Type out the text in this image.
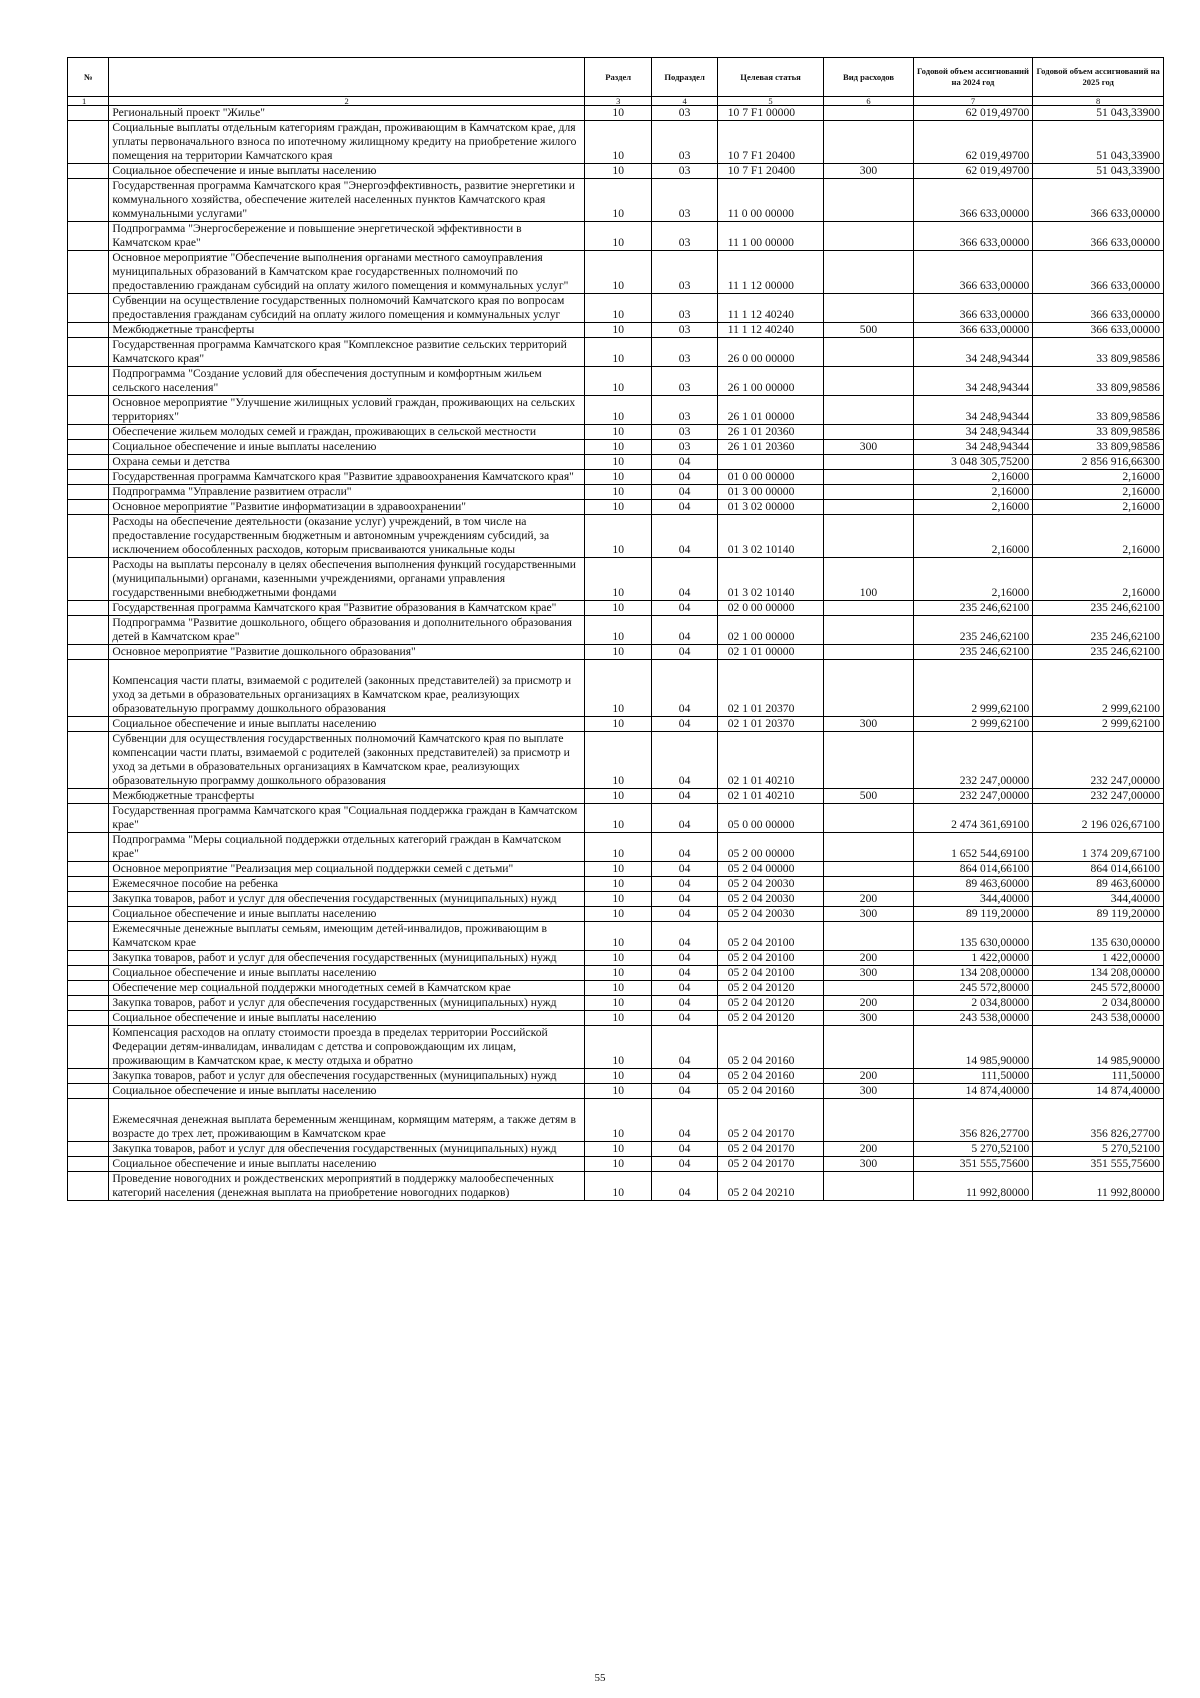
№		Раздел	Подраздел	Целевая статья	Вид расходов	Годовой объем ассигнований на 2024 год	Годовой объем ассигнований на 2025 год
1	2	3	4	5	6	7	8
	Региональный проект "Жилье"	10	03	10 7 F1 00000		62 019,49700	51 043,33900
	Социальные выплаты отдельным категориям граждан, проживающим в Камчатском крае, для уплаты первоначального взноса по ипотечному жилищному кредиту на приобретение жилого помещения на территории Камчатского края	10	03	10 7 F1 20400		62 019,49700	51 043,33900
	Социальное обеспечение и иные выплаты населению	10	03	10 7 F1 20400	300	62 019,49700	51 043,33900
	Государственная программа Камчатского края "Энергоэффективность, развитие энергетики и коммунального хозяйства, обеспечение жителей населенных пунктов Камчатского края коммунальными услугами"	10	03	11 0 00 00000		366 633,00000	366 633,00000
	Подпрограмма "Энергосбережение и повышение энергетической эффективности в Камчатском крае"	10	03	11 1 00 00000		366 633,00000	366 633,00000
	Основное мероприятие "Обеспечение выполнения органами местного самоуправления муниципальных образований в Камчатском крае государственных полномочий по предоставлению гражданам субсидий на оплату жилого помещения и коммунальных услуг"	10	03	11 1 12 00000		366 633,00000	366 633,00000
	Субвенции на осуществление государственных полномочий Камчатского края по вопросам предоставления гражданам субсидий на оплату жилого помещения и коммунальных услуг	10	03	11 1 12 40240		366 633,00000	366 633,00000
	Межбюджетные трансферты	10	03	11 1 12 40240	500	366 633,00000	366 633,00000
	Государственная программа Камчатского края "Комплексное развитие сельских территорий Камчатского края"	10	03	26 0 00 00000		34 248,94344	33 809,98586
	Подпрограмма "Создание условий для обеспечения доступным и комфортным жильем сельского населения"	10	03	26 1 00 00000		34 248,94344	33 809,98586
	Основное мероприятие "Улучшение жилищных условий граждан, проживающих на сельских территориях"	10	03	26 1 01 00000		34 248,94344	33 809,98586
	Обеспечение жильем молодых семей и граждан, проживающих в сельской местности	10	03	26 1 01 20360		34 248,94344	33 809,98586
	Социальное обеспечение и иные выплаты населению	10	03	26 1 01 20360	300	34 248,94344	33 809,98586
	Охрана семьи и детства	10	04			3 048 305,75200	2 856 916,66300
	Государственная программа Камчатского края "Развитие здравоохранения Камчатского края"	10	04	01 0 00 00000		2,16000	2,16000
	Подпрограмма "Управление развитием отрасли"	10	04	01 3 00 00000		2,16000	2,16000
	Основное мероприятие "Развитие информатизации в здравоохранении"	10	04	01 3 02 00000		2,16000	2,16000
	Расходы на обеспечение деятельности (оказание услуг) учреждений, в том числе на предоставление государственным бюджетным и автономным учреждениям субсидий, за исключением обособленных расходов, которым присваиваются уникальные коды	10	04	01 3 02 10140		2,16000	2,16000
	Расходы на выплаты персоналу в целях обеспечения выполнения функций государственными (муниципальными) органами, казенными учреждениями, органами управления государственными внебюджетными фондами	10	04	01 3 02 10140	100	2,16000	2,16000
	Государственная программа Камчатского края "Развитие образования в Камчатском крае"	10	04	02 0 00 00000		235 246,62100	235 246,62100
	Подпрограмма "Развитие дошкольного, общего образования и дополнительного образования детей в Камчатском крае"	10	04	02 1 00 00000		235 246,62100	235 246,62100
	Основное мероприятие "Развитие дошкольного образования"	10	04	02 1 01 00000		235 246,62100	235 246,62100
	Компенсация части платы, взимаемой с родителей (законных представителей) за присмотр и уход за детьми в образовательных организациях в Камчатском крае, реализующих образовательную программу дошкольного образования	10	04	02 1 01 20370		2 999,62100	2 999,62100
	Социальное обеспечение и иные выплаты населению	10	04	02 1 01 20370	300	2 999,62100	2 999,62100
	Субвенции для осуществления государственных полномочий Камчатского края по выплате компенсации части платы, взимаемой с родителей (законных представителей) за присмотр и уход за детьми в образовательных организациях в Камчатском крае, реализующих образовательную программу дошкольного образования	10	04	02 1 01 40210		232 247,00000	232 247,00000
	Межбюджетные трансферты	10	04	02 1 01 40210	500	232 247,00000	232 247,00000
	Государственная программа Камчатского края "Социальная поддержка граждан в Камчатском крае"	10	04	05 0 00 00000		2 474 361,69100	2 196 026,67100
	Подпрограмма "Меры социальной поддержки отдельных категорий граждан в Камчатском крае"	10	04	05 2 00 00000		1 652 544,69100	1 374 209,67100
	Основное мероприятие "Реализация мер социальной поддержки семей с детьми"	10	04	05 2 04 00000		864 014,66100	864 014,66100
	Ежемесячное пособие на ребенка	10	04	05 2 04 20030		89 463,60000	89 463,60000
	Закупка товаров, работ и услуг для обеспечения государственных (муниципальных) нужд	10	04	05 2 04 20030	200	344,40000	344,40000
	Социальное обеспечение и иные выплаты населению	10	04	05 2 04 20030	300	89 119,20000	89 119,20000
	Ежемесячные денежные выплаты семьям, имеющим детей-инвалидов, проживающим в Камчатском крае	10	04	05 2 04 20100		135 630,00000	135 630,00000
	Закупка товаров, работ и услуг для обеспечения государственных (муниципальных) нужд	10	04	05 2 04 20100	200	1 422,00000	1 422,00000
	Социальное обеспечение и иные выплаты населению	10	04	05 2 04 20100	300	134 208,00000	134 208,00000
	Обеспечение мер социальной поддержки многодетных семей в Камчатском крае	10	04	05 2 04 20120		245 572,80000	245 572,80000
	Закупка товаров, работ и услуг для обеспечения государственных (муниципальных) нужд	10	04	05 2 04 20120	200	2 034,80000	2 034,80000
	Социальное обеспечение и иные выплаты населению	10	04	05 2 04 20120	300	243 538,00000	243 538,00000
	Компенсация расходов на оплату стоимости проезда в пределах территории Российской Федерации детям-инвалидам, инвалидам с детства и сопровождающим их лицам, проживающим в Камчатском крае, к месту отдыха и обратно	10	04	05 2 04 20160		14 985,90000	14 985,90000
	Закупка товаров, работ и услуг для обеспечения государственных (муниципальных) нужд	10	04	05 2 04 20160	200	111,50000	111,50000
	Социальное обеспечение и иные выплаты населению	10	04	05 2 04 20160	300	14 874,40000	14 874,40000
	Ежемесячная денежная выплата беременным женщинам, кормящим матерям, а также детям в возрасте до трех лет, проживающим в Камчатском крае	10	04	05 2 04 20170		356 826,27700	356 826,27700
	Закупка товаров, работ и услуг для обеспечения государственных (муниципальных) нужд	10	04	05 2 04 20170	200	5 270,52100	5 270,52100
	Социальное обеспечение и иные выплаты населению	10	04	05 2 04 20170	300	351 555,75600	351 555,75600
	Проведение новогодних и рождественских мероприятий в поддержку малообеспеченных категорий населения (денежная выплата на приобретение новогодних подарков)	10	04	05 2 04 20210		11 992,80000	11 992,80000
55
